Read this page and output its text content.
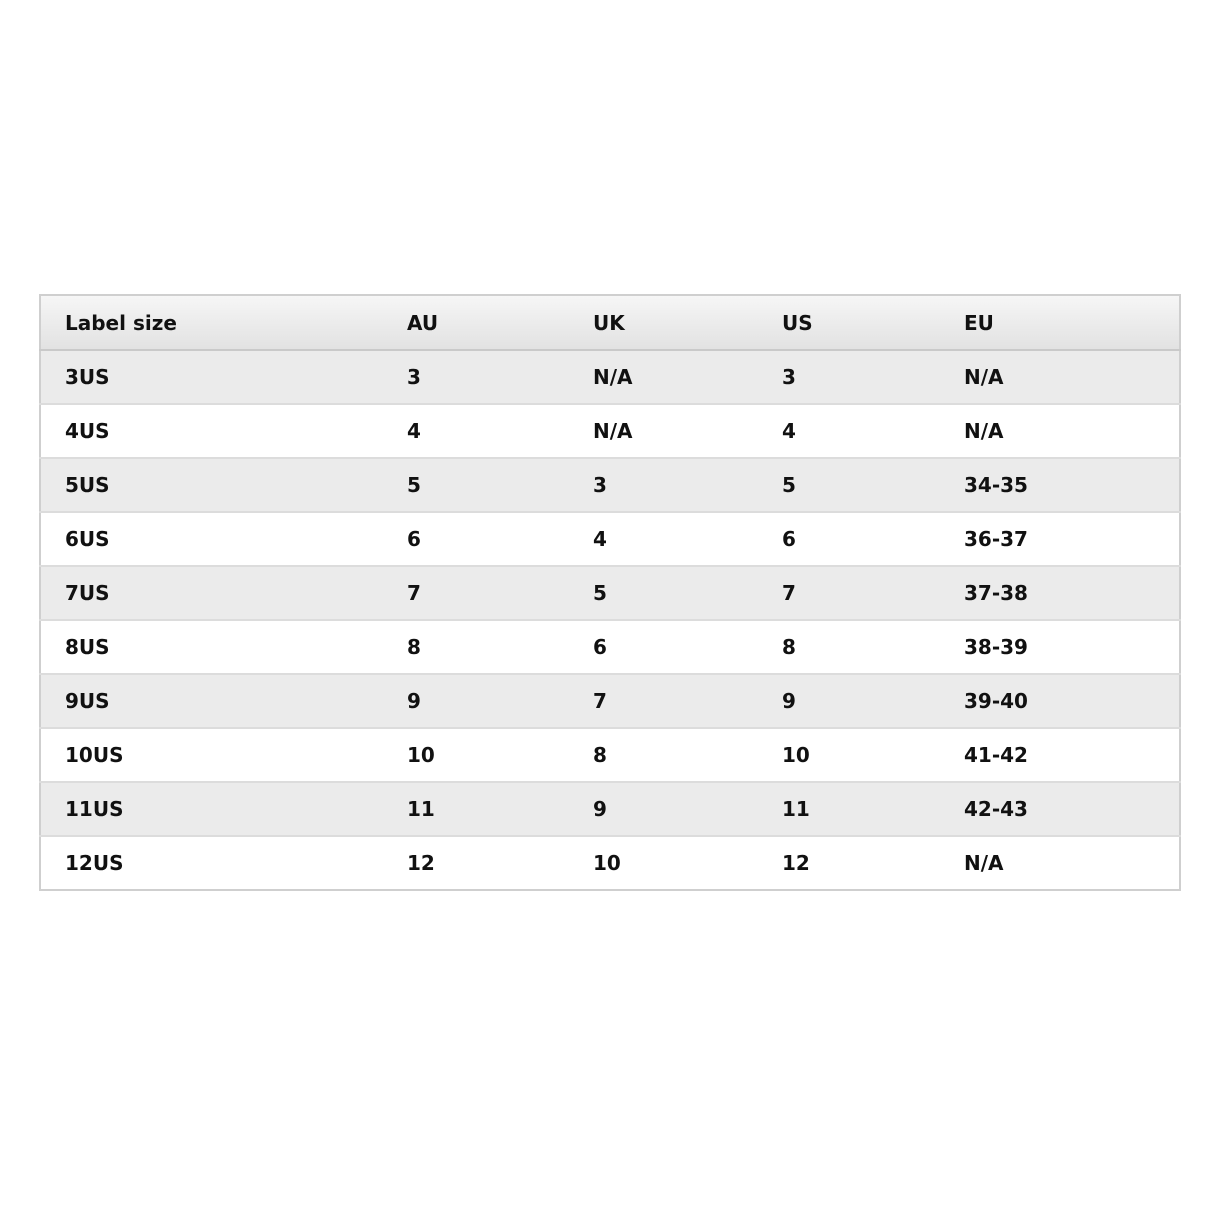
Label size	AU	UK	US	EU
3US	3	N/A	3	N/A
4US	4	N/A	4	N/A
5US	5	3	5	34-35
6US	6	4	6	36-37
7US	7	5	7	37-38
8US	8	6	8	38-39
9US	9	7	9	39-40
10US	10	8	10	41-42
11US	11	9	11	42-43
12US	12	10	12	N/A
